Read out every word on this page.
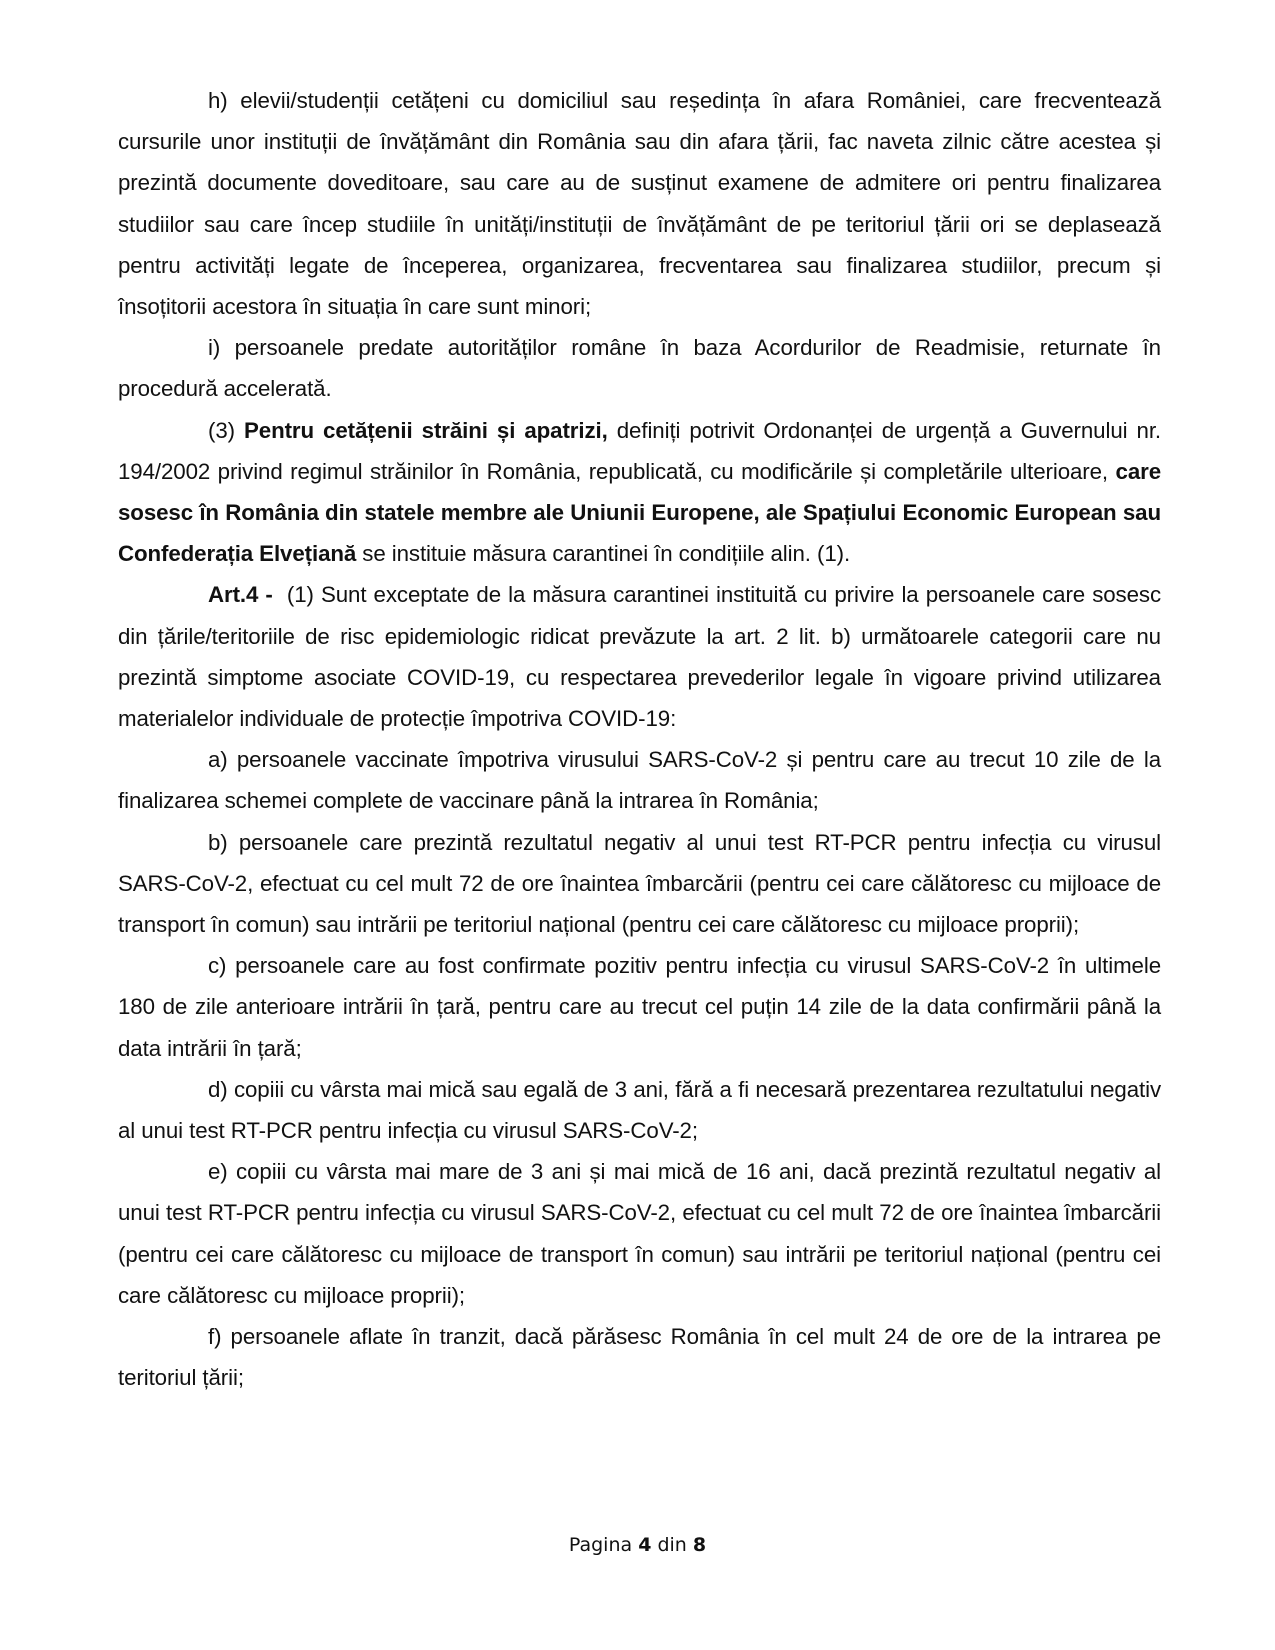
h) elevii/studenții cetățeni cu domiciliul sau reședința în afara României, care frecventează cursurile unor instituții de învățământ din România sau din afara țării, fac naveta zilnic către acestea și prezintă documente doveditoare, sau care au de susținut examene de admitere ori pentru finalizarea studiilor sau care încep studiile în unități/instituții de învățământ de pe teritoriul țării ori se deplasează pentru activități legate de începerea, organizarea, frecventarea sau finalizarea studiilor, precum și însoțitorii acestora în situația în care sunt minori;

i) persoanele predate autorităților române în baza Acordurilor de Readmisie, returnate în procedură accelerată.

(3) Pentru cetățenii străini și apatrizi, definiți potrivit Ordonanței de urgență a Guvernului nr. 194/2002 privind regimul străinilor în România, republicată, cu modificările și completările ulterioare, care sosesc în România din statele membre ale Uniunii Europene, ale Spațiului Economic European sau Confederația Elvețiană se instituie măsura carantinei în condițiile alin. (1).

Art.4 -  (1) Sunt exceptate de la măsura carantinei instituită cu privire la persoanele care sosesc din țările/teritoriile de risc epidemiologic ridicat prevăzute la art. 2 lit. b) următoarele categorii care nu prezintă simptome asociate COVID-19, cu respectarea prevederilor legale în vigoare privind utilizarea materialelor individuale de protecție împotriva COVID-19:

a) persoanele vaccinate împotriva virusului SARS-CoV-2 și pentru care au trecut 10 zile de la finalizarea schemei complete de vaccinare până la intrarea în România;

b) persoanele care prezintă rezultatul negativ al unui test RT-PCR pentru infecția cu virusul SARS-CoV-2, efectuat cu cel mult 72 de ore înaintea îmbarcării (pentru cei care călătoresc cu mijloace de transport în comun) sau intrării pe teritoriul național (pentru cei care călătoresc cu mijloace proprii);

c) persoanele care au fost confirmate pozitiv pentru infecția cu virusul SARS-CoV-2 în ultimele 180 de zile anterioare intrării în țară, pentru care au trecut cel puțin 14 zile de la data confirmării până la data intrării în țară;

d) copiii cu vârsta mai mică sau egală de 3 ani, fără a fi necesară prezentarea rezultatului negativ al unui test RT-PCR pentru infecția cu virusul SARS-CoV-2;

e) copiii cu vârsta mai mare de 3 ani și mai mică de 16 ani, dacă prezintă rezultatul negativ al unui test RT-PCR pentru infecția cu virusul SARS-CoV-2, efectuat cu cel mult 72 de ore înaintea îmbarcării (pentru cei care călătoresc cu mijloace de transport în comun) sau intrării pe teritoriul național (pentru cei care călătoresc cu mijloace proprii);

f) persoanele aflate în tranzit, dacă părăsesc România în cel mult 24 de ore de la intrarea pe teritoriul țării;

Pagina 4 din 8
